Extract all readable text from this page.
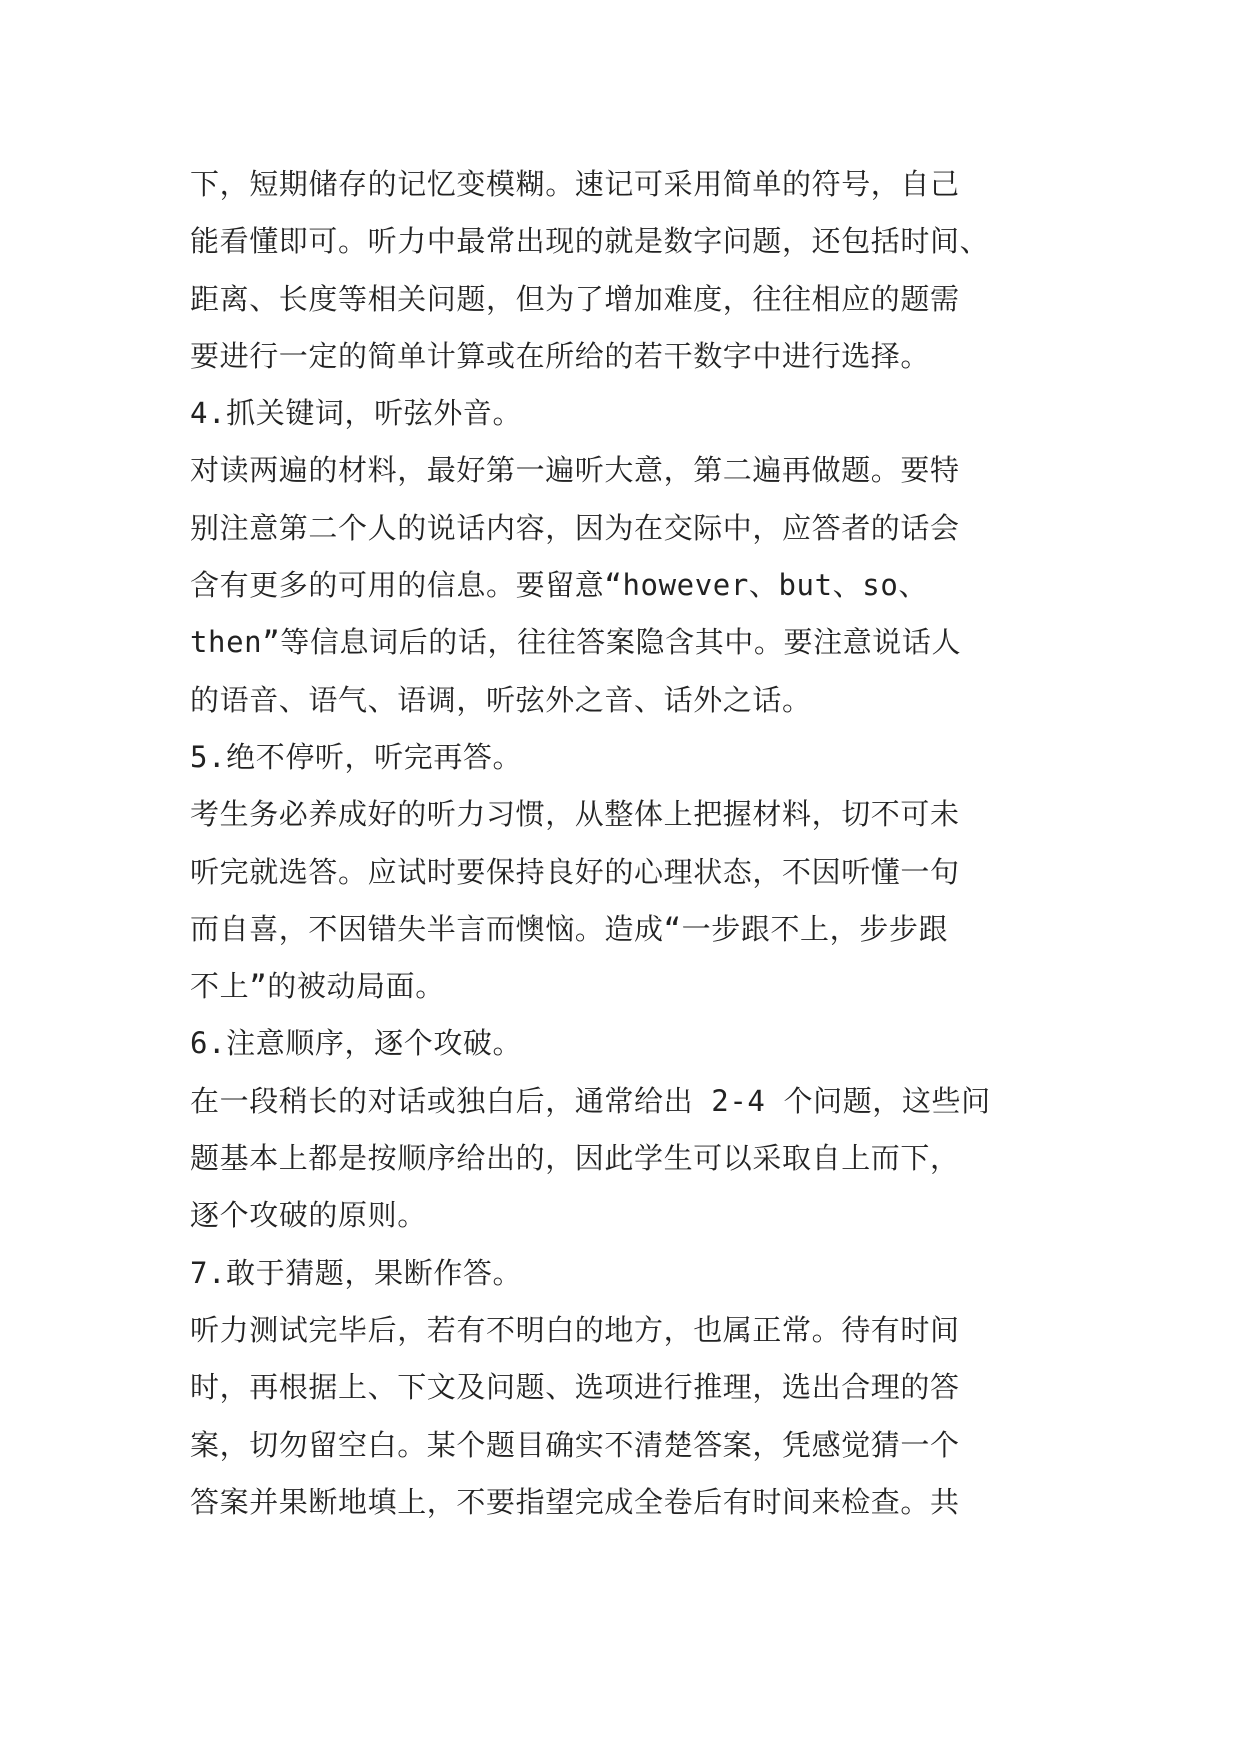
下，短期储存的记忆变模糊。速记可采用简单的符号，自己
能看懂即可。听力中最常出现的就是数字问题，还包括时间、
距离、长度等相关问题，但为了增加难度，往往相应的题需
要进行一定的简单计算或在所给的若干数字中进行选择。
4.抓关键词，听弦外音。
对读两遍的材料，最好第一遍听大意，第二遍再做题。要特
别注意第二个人的说话内容，因为在交际中，应答者的话会
含有更多的可用的信息。要留意“however、but、so、
then”等信息词后的话，往往答案隐含其中。要注意说话人
的语音、语气、语调，听弦外之音、话外之话。
5.绝不停听，听完再答。
考生务必养成好的听力习惯，从整体上把握材料，切不可未
听完就选答。应试时要保持良好的心理状态，不因听懂一句
而自喜，不因错失半言而懊恼。造成“一步跟不上，步步跟
不上”的被动局面。
6.注意顺序，逐个攻破。
在一段稍长的对话或独白后，通常给出 2-4 个问题，这些问
题基本上都是按顺序给出的，因此学生可以采取自上而下，
逐个攻破的原则。
7.敢于猜题，果断作答。
听力测试完毕后，若有不明白的地方，也属正常。待有时间
时，再根据上、下文及问题、选项进行推理，选出合理的答
案，切勿留空白。某个题目确实不清楚答案，凭感觉猜一个
答案并果断地填上，不要指望完成全卷后有时间来检查。共
